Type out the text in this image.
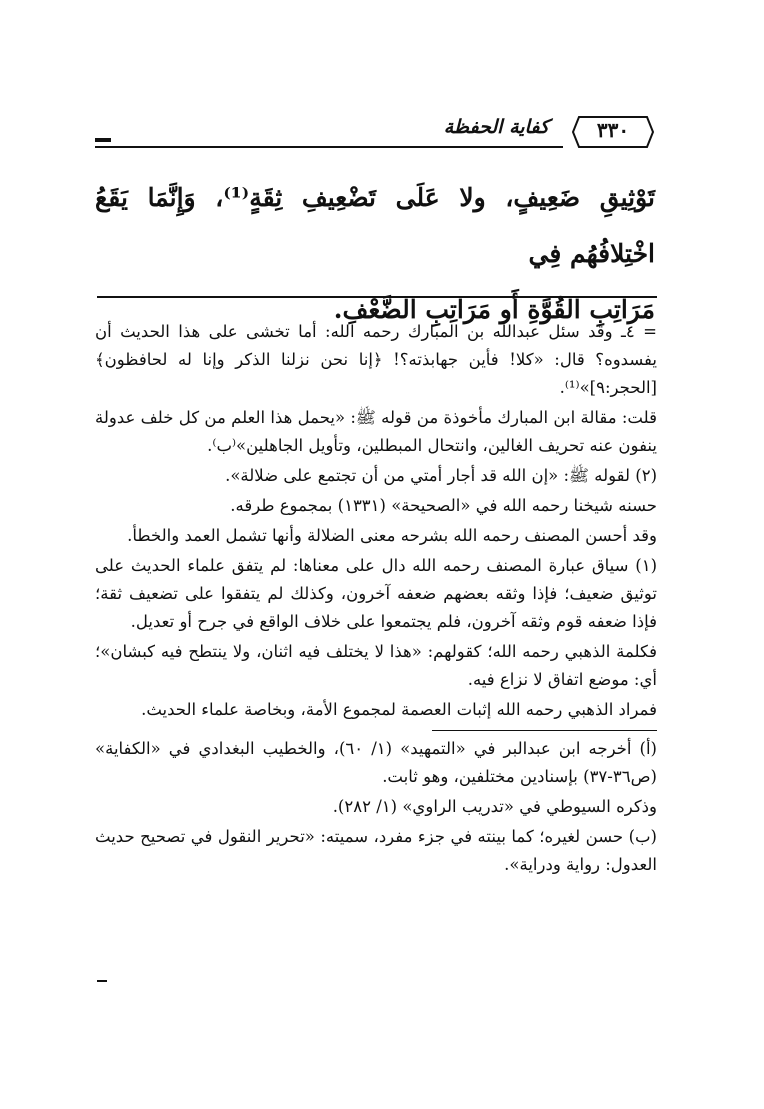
كفاية الحفظة	٣٣٠
تَوْثِيقِ ضَعِيفٍ، ولا عَلَى تَضْعِيفِ ثِقَةٍ⁽¹⁾، وَإِنَّمَا يَقَعُ اخْتِلافُهُم فِي
مَرَاتِبِ القُوَّةِ أَو مَرَاتِبِ الضَّعْفِ.

= ٤ـ وقد سئل عبدالله بن المبارك رحمه الله: أما تخشى على هذا الحديث أن يفسدوه؟ قال: «كلا! فأين جهابذته؟! ﴿إنا نحن نزلنا الذكر وإنا له لحافظون﴾ [الحجر:٩]»⁽¹⁾.

قلت: مقالة ابن المبارك مأخوذة من قوله ﷺ: «يحمل هذا العلم من كل خلف عدولة ينفون عنه تحريف الغالين، وانتحال المبطلين، وتأويل الجاهلين»⁽ب⁾.

(٢) لقوله ﷺ: «إن الله قد أجار أمتي من أن تجتمع على ضلالة».

حسنه شيخنا رحمه الله في «الصحيحة» (١٣٣١) بمجموع طرقه.

وقد أحسن المصنف رحمه الله بشرحه معنى الضلالة وأنها تشمل العمد والخطأ.

(١) سياق عبارة المصنف رحمه الله دال على معناها: لم يتفق علماء الحديث على توثيق ضعيف؛ فإذا وثقه بعضهم ضعفه آخرون، وكذلك لم يتفقوا على تضعيف ثقة؛ فإذا ضعفه قوم وثقه آخرون، فلم يجتمعوا على خلاف الواقع في جرح أو تعديل.

فكلمة الذهبي رحمه الله؛ كقولهم: «هذا لا يختلف فيه اثنان، ولا ينتطح فيه كبشان»؛ أي: موضع اتفاق لا نزاع فيه.

فمراد الذهبي رحمه الله إثبات العصمة لمجموع الأمة، وبخاصة علماء الحديث.

(أ) أخرجه ابن عبدالبر في «التمهيد» (١/ ٦٠)، والخطيب البغدادي في «الكفاية» (ص٣٦-٣٧) بإسنادين مختلفين، وهو ثابت.

وذكره السيوطي في «تدريب الراوي» (١/ ٢٨٢).

(ب) حسن لغيره؛ كما بينته في جزء مفرد، سميته: «تحرير النقول في تصحيح حديث العدول: رواية ودراية».
